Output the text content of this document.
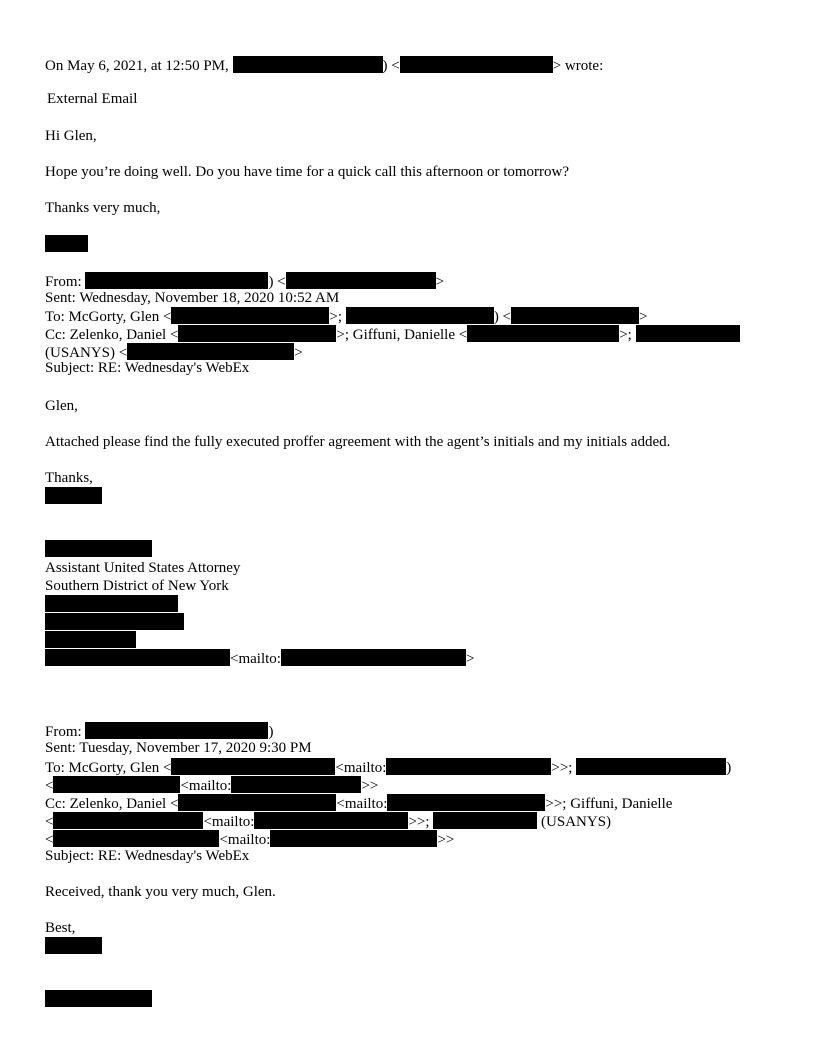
On May 6, 2021, at 12:50 PM,	) <	> wrote:
External Email
Hi Glen,
Hope you’re doing well. Do you have time for a quick call this afternoon or tomorrow?
Thanks very much,
From:	) <	>
Sent: Wednesday, November 18, 2020 10:52 AM
To: McGorty, Glen <	>;	) <	>
Cc: Zelenko, Daniel <	>; Giffuni, Danielle <	>;
(USANYS) <	>
Subject: RE: Wednesday's WebEx
Glen,
Attached please find the fully executed proffer agreement with the agent’s initials and my initials added.
Thanks,
Assistant United States Attorney
Southern District of New York
<mailto:	>
From:	)
Sent: Tuesday, November 17, 2020 9:30 PM
To: McGorty, Glen <	<mailto:	>>;	)
<	<mailto:	>>
Cc: Zelenko, Daniel <	<mailto:	>>; Giffuni, Danielle
<	<mailto:	>>;	(USANYS)
<	<mailto:	>>
Subject: RE: Wednesday's WebEx
Received, thank you very much, Glen.
Best,
